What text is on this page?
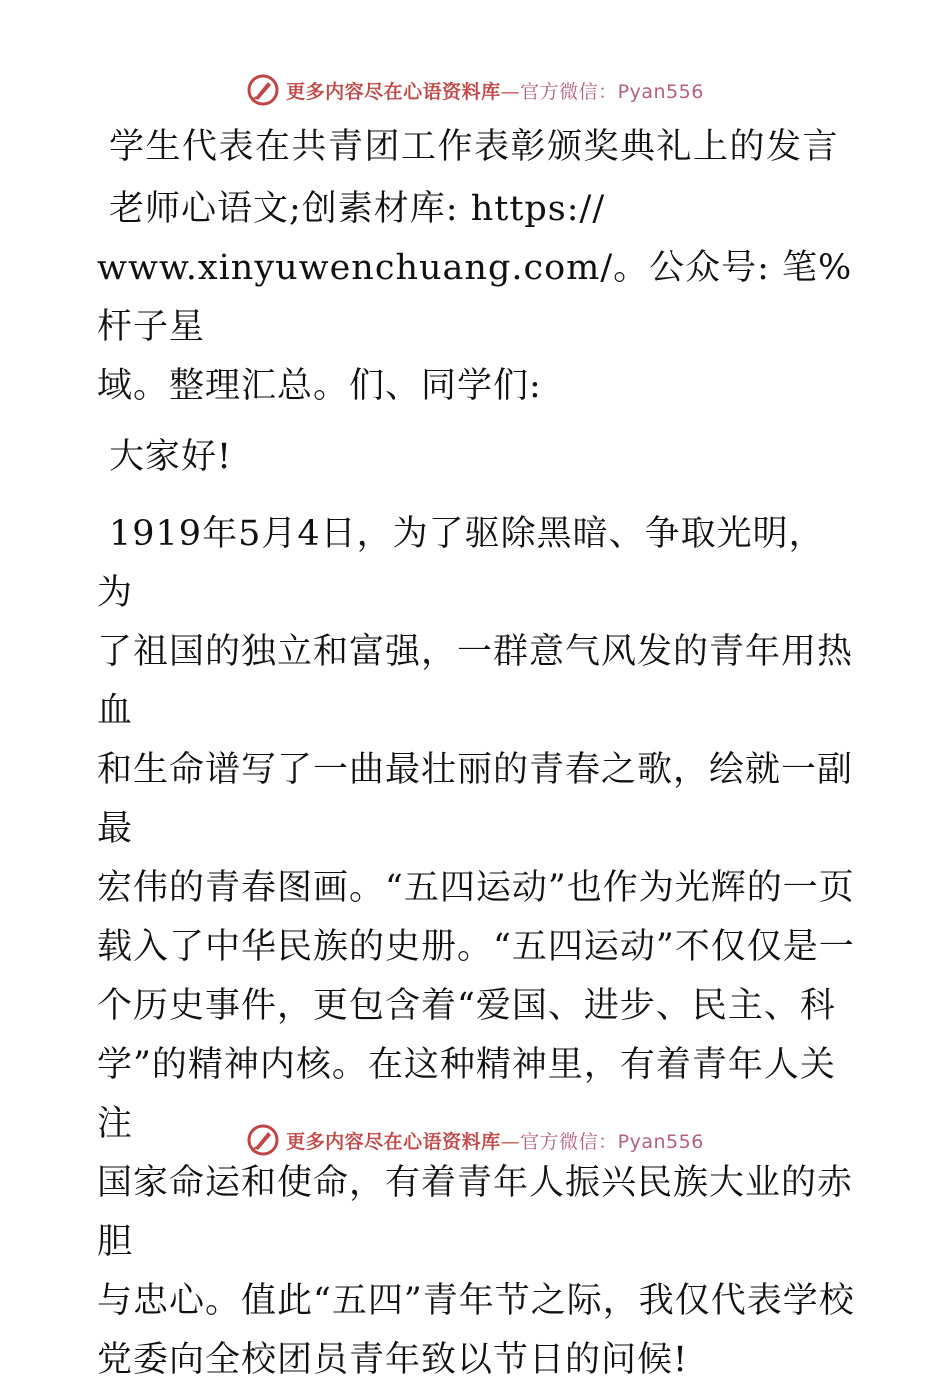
更多内容尽在心语资料库—官方微信：Pyan556
学生代表在共青团工作表彰颁奖典礼上的发言
老师心语文;创素材库: https://
www.xinyuwenchuang.com/。公众号: 笔%杆子星
域。整理汇总。们、同学们:
大家好!
1919年5月4日，为了驱除黑暗、争取光明，为
了祖国的独立和富强，一群意气风发的青年用热血
和生命谱写了一曲最壮丽的青春之歌，绘就一副最
宏伟的青春图画。“五四运动”也作为光辉的一页
载入了中华民族的史册。“五四运动”不仅仅是一
个历史事件，更包含着“爱国、进步、民主、科
学”的精神内核。在这种精神里，有着青年人关注
国家命运和使命，有着青年人振兴民族大业的赤胆
与忠心。值此“五四”青年节之际，我仅代表学校
党委向全校团员青年致以节日的问候!
更多内容尽在心语资料库—官方微信：Pyan556
